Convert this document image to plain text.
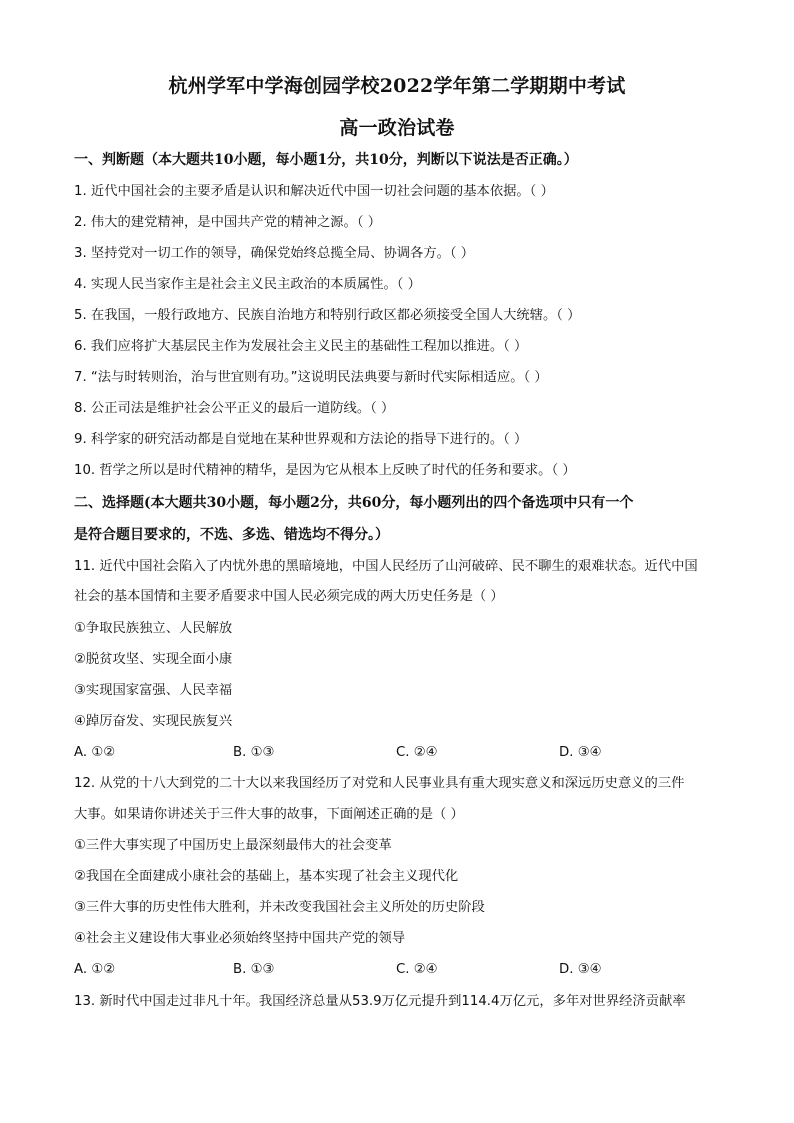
杭州学军中学海创园学校2022学年第二学期期中考试
高一政治试卷
一、判断题（本大题共10小题，每小题1分，共10分，判断以下说法是否正确。）
1. 近代中国社会的主要矛盾是认识和解决近代中国一切社会问题的基本依据。（ ）
2. 伟大的建党精神，是中国共产党的精神之源。（ ）
3. 坚持党对一切工作的领导，确保党始终总揽全局、协调各方。（ ）
4. 实现人民当家作主是社会主义民主政治的本质属性。（ ）
5. 在我国，一般行政地方、民族自治地方和特别行政区都必须接受全国人大统辖。（ ）
6. 我们应将扩大基层民主作为发展社会主义民主的基础性工程加以推进。（ ）
7. “法与时转则治，治与世宜则有功。”这说明民法典要与新时代实际相适应。（ ）
8. 公正司法是维护社会公平正义的最后一道防线。（ ）
9. 科学家的研究活动都是自觉地在某种世界观和方法论的指导下进行的。（ ）
10. 哲学之所以是时代精神的精华，是因为它从根本上反映了时代的任务和要求。（ ）
二、选择题(本大题共30小题，每小题2分，共60分，每小题列出的四个备选项中只有一个
是符合题目要求的，不选、多选、错选均不得分。）
11. 近代中国社会陷入了内忧外患的黑暗境地，中国人民经历了山河破碎、民不聊生的艰难状态。近代中国
社会的基本国情和主要矛盾要求中国人民必须完成的两大历史任务是（ ）
①争取民族独立、人民解放
②脱贫攻坚、实现全面小康
③实现国家富强、人民幸福
④踔厉奋发、实现民族复兴
A. ①②	B. ①③	C. ②④	D. ③④
12. 从党的十八大到党的二十大以来我国经历了对党和人民事业具有重大现实意义和深远历史意义的三件
大事。如果请你讲述关于三件大事的故事，下面阐述正确的是（ ）
①三件大事实现了中国历史上最深刻最伟大的社会变革
②我国在全面建成小康社会的基础上，基本实现了社会主义现代化
③三件大事的历史性伟大胜利，并未改变我国社会主义所处的历史阶段
④社会主义建设伟大事业必须始终坚持中国共产党的领导
A. ①②	B. ①③	C. ②④	D. ③④
13. 新时代中国走过非凡十年。我国经济总量从53.9万亿元提升到114.4万亿元，多年对世界经济贡献率
